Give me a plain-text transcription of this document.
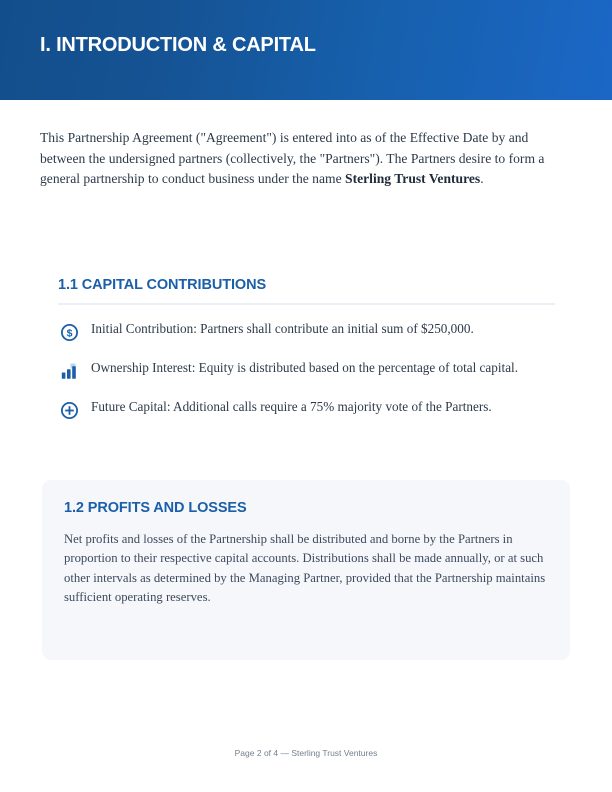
I. INTRODUCTION & CAPITAL

This Partnership Agreement ("Agreement") is entered into as of the Effective Date by and between the undersigned partners (collectively, the "Partners"). The Partners desire to form a general partnership to conduct business under the name Sterling Trust Ventures.

1.1 CAPITAL CONTRIBUTIONS
$ Initial Contribution: Partners shall contribute an initial sum of $250,000.
Ownership Interest: Equity is distributed based on the percentage of total capital.
Future Capital: Additional calls require a 75% majority vote of the Partners.
1.2 PROFITS AND LOSSES

Net profits and losses of the Partnership shall be distributed and borne by the Partners in proportion to their respective capital accounts. Distributions shall be made annually, or at such other intervals as determined by the Managing Partner, provided that the Partnership maintains sufficient operating reserves.

Page 2 of 4 — Sterling Trust Ventures
